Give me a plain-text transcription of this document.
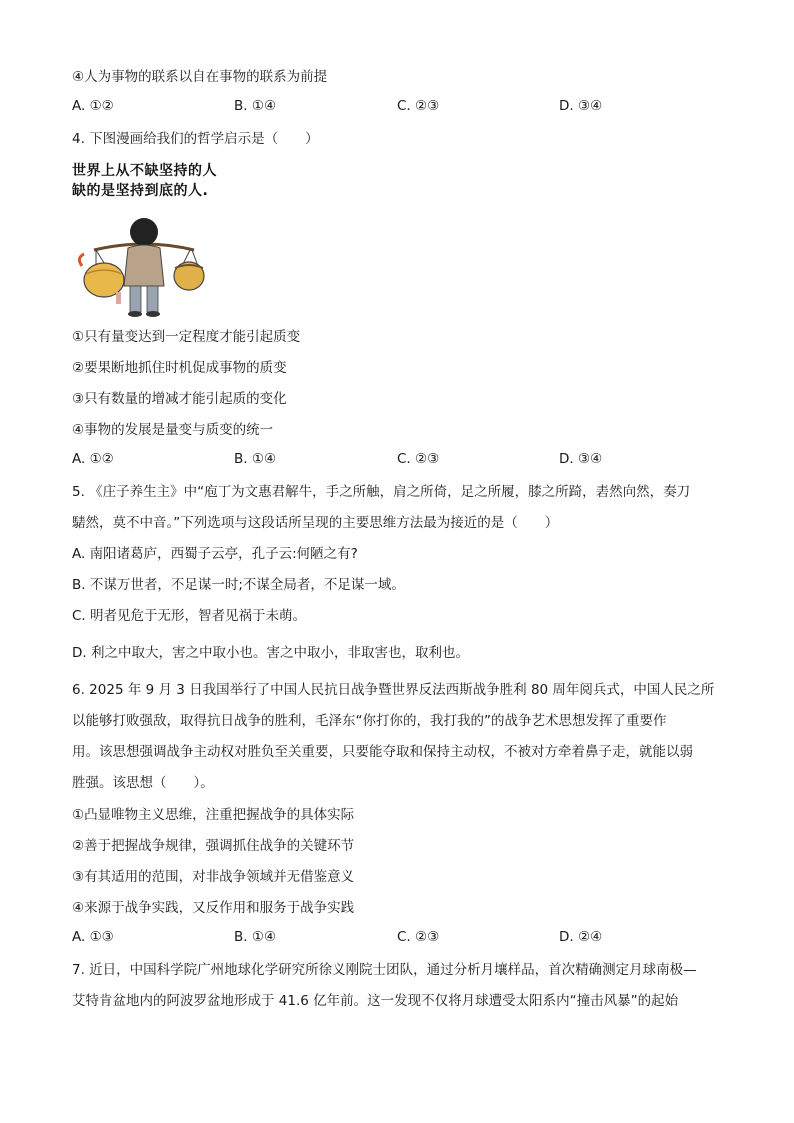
④人为事物的联系以自在事物的联系为前提
A. ①②	B. ①④	C. ②③	D. ③④
4. 下图漫画给我们的哲学启示是（　　）
世界上从不缺坚持的人
缺的是坚持到底的人.
①只有量变达到一定程度才能引起质变
②要果断地抓住时机促成事物的质变
③只有数量的增减才能引起质的变化
④事物的发展是量变与质变的统一
A. ①②	B. ①④	C. ②③	D. ③④
5. 《庄子养生主》中“庖丁为文惠君解牛，手之所触，肩之所倚，足之所履，膝之所踦，砉然向然，奏刀
騞然，莫不中音。”下列选项与这段话所呈现的主要思维方法最为接近的是（　　）
A. 南阳诸葛庐，西蜀子云亭，孔子云:何陋之有?
B. 不谋万世者，不足谋一时;不谋全局者，不足谋一域。
C. 明者见危于无形，智者见祸于未萌。
D. 利之中取大，害之中取小也。害之中取小，非取害也，取利也。
6. 2025 年 9 月 3 日我国举行了中国人民抗日战争暨世界反法西斯战争胜利 80 周年阅兵式，中国人民之所
以能够打败强敌，取得抗日战争的胜利，毛泽东“你打你的，我打我的”的战争艺术思想发挥了重要作
用。该思想强调战争主动权对胜负至关重要，只要能夺取和保持主动权，不被对方牵着鼻子走，就能以弱
胜强。该思想（　　）。
①凸显唯物主义思维，注重把握战争的具体实际
②善于把握战争规律，强调抓住战争的关键环节
③有其适用的范围，对非战争领域并无借鉴意义
④来源于战争实践，又反作用和服务于战争实践
A. ①③	B. ①④	C. ②③	D. ②④
7. 近日，中国科学院广州地球化学研究所徐义刚院士团队，通过分析月壤样品，首次精确测定月球南极—
艾特肯盆地内的阿波罗盆地形成于 41.6 亿年前。这一发现不仅将月球遭受太阳系内“撞击风暴”的起始
